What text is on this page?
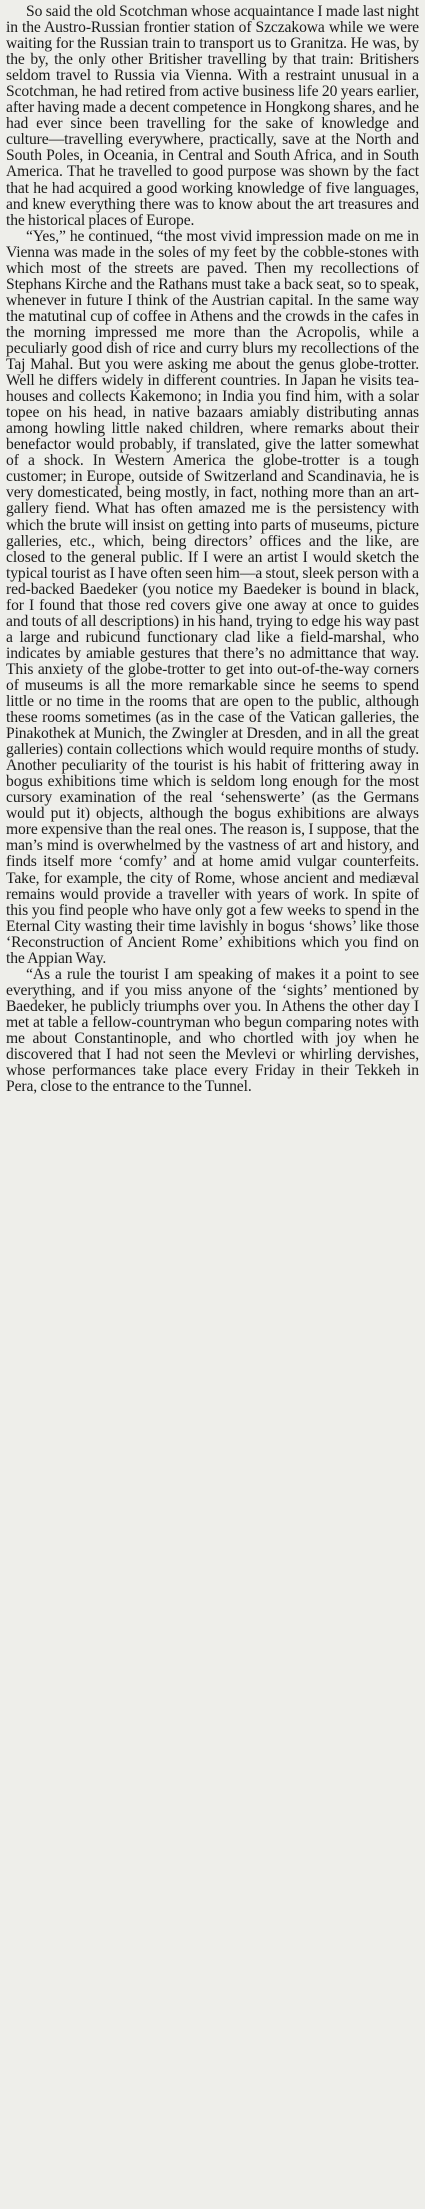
So said the old Scotchman whose acquaintance I made last night in the Austro-Russian frontier station of Szczakowa while we were waiting for the Russian train to transport us to Granitza. He was, by the by, the only other Britisher travelling by that train: Britishers seldom travel to Russia via Vienna. With a restraint unusual in a Scotchman, he had retired from active business life 20 years earlier, after having made a decent competence in Hongkong shares, and he had ever since been travelling for the sake of knowledge and culture—travelling everywhere, practically, save at the North and South Poles, in Oceania, in Central and South Africa, and in South America. That he travelled to good purpose was shown by the fact that he had acquired a good working knowledge of five languages, and knew everything there was to know about the art treasures and the historical places of Europe.

“Yes,” he continued, “the most vivid impression made on me in Vienna was made in the soles of my feet by the cobble-stones with which most of the streets are paved. Then my recollections of Stephans Kirche and the Rathans must take a back seat, so to speak, whenever in future I think of the Austrian capital. In the same way the matutinal cup of coffee in Athens and the crowds in the cafes in the morning impressed me more than the Acropolis, while a peculiarly good dish of rice and curry blurs my recollections of the Taj Mahal. But you were asking me about the genus globe-trotter. Well he differs widely in different countries. In Japan he visits tea-houses and collects Kakemono; in India you find him, with a solar topee on his head, in native bazaars amiably distributing annas among howling little naked children, where remarks about their benefactor would probably, if translated, give the latter somewhat of a shock. In Western America the globe-trotter is a tough customer; in Europe, outside of Switzerland and Scandinavia, he is very domesticated, being mostly, in fact, nothing more than an art-gallery fiend. What has often amazed me is the persistency with which the brute will insist on getting into parts of museums, picture galleries, etc., which, being directors’ offices and the like, are closed to the general public. If I were an artist I would sketch the typical tourist as I have often seen him—a stout, sleek person with a red-backed Baedeker (you notice my Baedeker is bound in black, for I found that those red covers give one away at once to guides and touts of all descriptions) in his hand, trying to edge his way past a large and rubicund functionary clad like a field-marshal, who indicates by amiable gestures that there’s no admittance that way. This anxiety of the globe-trotter to get into out-of-the-way corners of museums is all the more remarkable since he seems to spend little or no time in the rooms that are open to the public, although these rooms sometimes (as in the case of the Vatican galleries, the Pinakothek at Munich, the Zwingler at Dresden, and in all the great galleries) contain collections which would require months of study. Another peculiarity of the tourist is his habit of frittering away in bogus exhibitions time which is seldom long enough for the most cursory examination of the real ‘sehenswerte’ (as the Germans would put it) objects, although the bogus exhibitions are always more expensive than the real ones. The reason is, I suppose, that the man’s mind is overwhelmed by the vastness of art and history, and finds itself more ‘comfy’ and at home amid vulgar counterfeits. Take, for example, the city of Rome, whose ancient and mediæval remains would provide a traveller with years of work. In spite of this you find people who have only got a few weeks to spend in the Eternal City wasting their time lavishly in bogus ‘shows’ like those ‘Reconstruction of Ancient Rome’ exhibitions which you find on the Appian Way.

“As a rule the tourist I am speaking of makes it a point to see everything, and if you miss anyone of the ‘sights’ mentioned by Baedeker, he publicly triumphs over you. In Athens the other day I met at table a fellow-countryman who begun comparing notes with me about Constantinople, and who chortled with joy when he discovered that I had not seen the Mevlevi or whirling dervishes, whose performances take place every Friday in their Tekkeh in Pera, close to the entrance to the Tunnel.
